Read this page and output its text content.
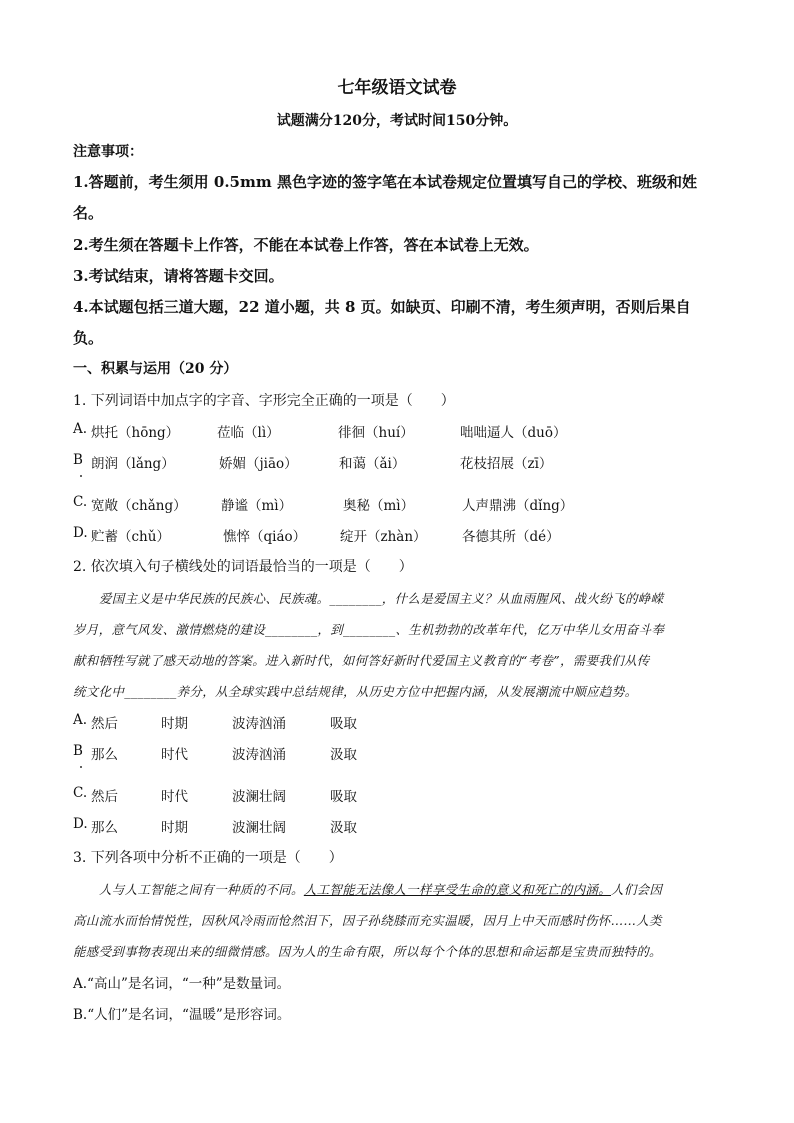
七年级语文试卷
试题满分120分，考试时间150分钟。
注意事项：
1.答题前，考生须用 0.5mm 黑色字迹的签字笔在本试卷规定位置填写自己的学校、班级和姓
名。
2.考生须在答题卡上作答，不能在本试卷上作答，答在本试卷上无效。
3.考试结束，请将答题卡交回。
4.本试题包括三道大题，22 道小题，共 8 页。如缺页、印刷不清，考生须声明，否则后果自
负。
一、积累与运用（20 分）
1. 下列词语中加点字的字音、字形完全正确的一项是（　　）
A. 烘托（hōng）	莅临（lì）	徘徊（huí）	咄咄逼人（duō）
B 朗润（lǎng）	娇媚（jiāo）	和蔼（ǎi）	花枝招展（zī）
C. 宽敞（chǎng）	静谧（mì）	奥秘（mì）	人声鼎沸（dǐng）
D. 贮蓄（chǔ）	憔悴（qiáo）	绽开（zhàn）	各德其所（dé）
2. 依次填入句子横线处的词语最恰当的一项是（　　）
爱国主义是中华民族的民族心、民族魂。________，什么是爱国主义？从血雨腥风、战火纷飞的峥嵘
岁月，意气风发、激情燃烧的建设________，到________、生机勃勃的改革年代，亿万中华儿女用奋斗奉
献和牺牲写就了感天动地的答案。进入新时代，如何答好新时代爱国主义教育的“考卷”，需要我们从传
统文化中________养分，从全球实践中总结规律，从历史方位中把握内涵，从发展潮流中顺应趋势。
A. 然后	时期	波涛汹涌	吸取
B 那么	时代	波涛汹涌	汲取
C. 然后	时代	波澜壮阔	吸取
D. 那么	时期	波澜壮阔	汲取
3. 下列各项中分析不正确的一项是（　　）
人与人工智能之间有一种质的不同。人工智能无法像人一样享受生命的意义和死亡的内涵。人们会因
高山流水而怡情悦性，因秋风冷雨而怆然泪下，因子孙绕膝而充实温暖，因月上中天而感时伤怀……人类
能感受到事物表现出来的细微情感。因为人的生命有限，所以每个个体的思想和命运都是宝贵而独特的。
A.“高山”是名词，“一种”是数量词。
B.“人们”是名词，“温暖”是形容词。
